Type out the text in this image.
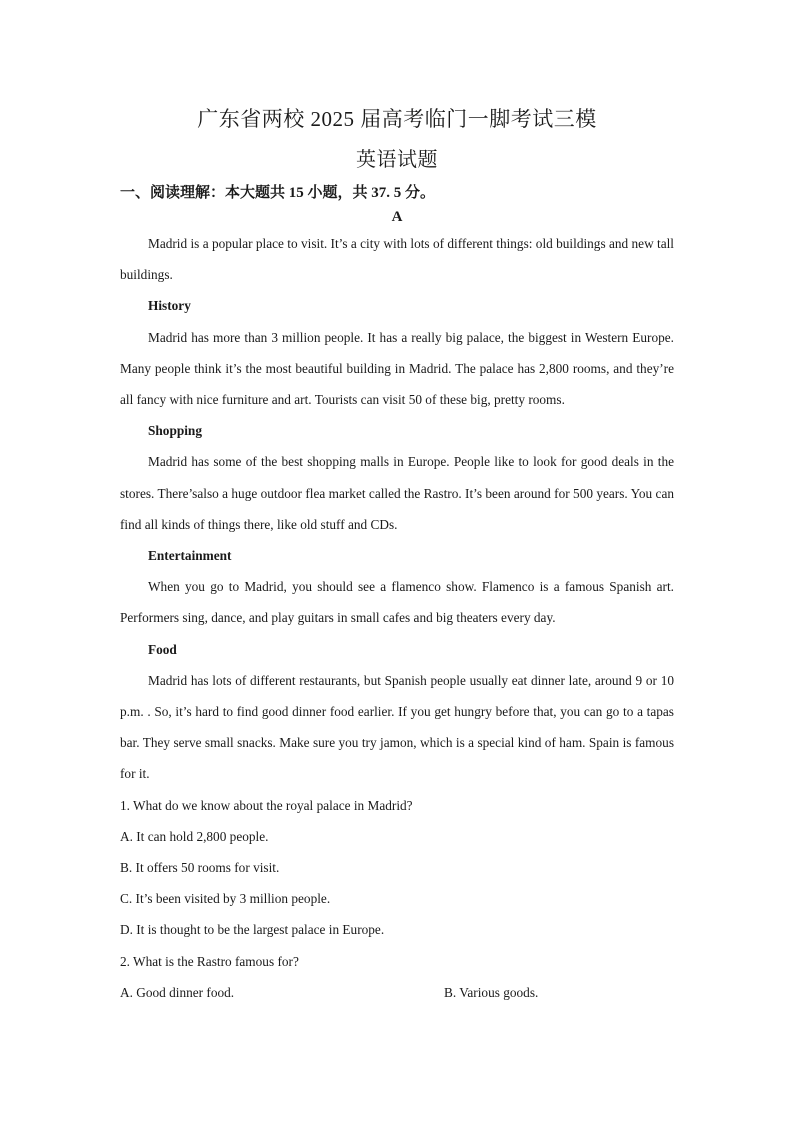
广东省两校 2025 届高考临门一脚考试三模
英语试题
一、阅读理解：本大题共 15 小题，共 37. 5 分。
A

Madrid is a popular place to visit. It’s a city with lots of different things: old buildings and new tall buildings.

History

Madrid has more than 3 million people. It has a really big palace, the biggest in Western Europe. Many people think it’s the most beautiful building in Madrid. The palace has 2,800 rooms, and they’re all fancy with nice furniture and art. Tourists can visit 50 of these big, pretty rooms.

Shopping

Madrid has some of the best shopping malls in Europe. People like to look for good deals in the stores. There’salso a huge outdoor flea market called the Rastro. It’s been around for 500 years. You can find all kinds of things there, like old stuff and CDs.

Entertainment

When you go to Madrid, you should see a flamenco show. Flamenco is a famous Spanish art. Performers sing, dance, and play guitars in small cafes and big theaters every day.

Food

Madrid has lots of different restaurants, but Spanish people usually eat dinner late, around 9 or 10 p.m. . So, it’s hard to find good dinner food earlier. If you get hungry before that, you can go to a tapas bar. They serve small snacks. Make sure you try jamon, which is a special kind of ham. Spain is famous for it.

1. What do we know about the royal palace in Madrid?

A. It can hold 2,800 people.

B. It offers 50 rooms for visit.

C. It’s been visited by 3 million people.

D. It is thought to be the largest palace in Europe.

2. What is the Rastro famous for?

A. Good dinner food.	B. Various goods.
